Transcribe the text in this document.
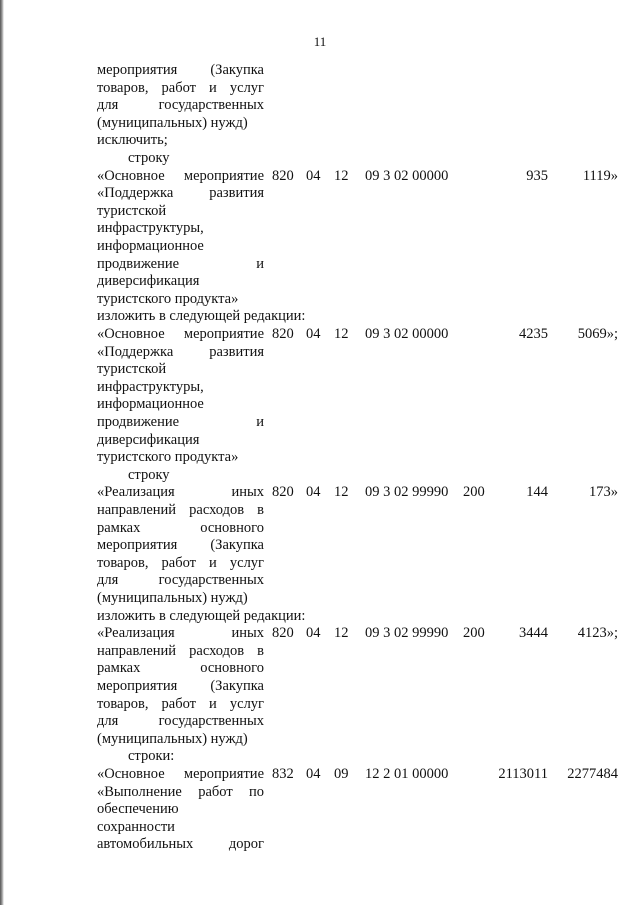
11
мероприятия (Закупка
товаров, работ и услуг
для государственных
(муниципальных) нужд)
исключить;
строку
«Основное мероприятие
«Поддержка развития
туристской
инфраструктуры,
информационное
продвижение и
диверсификация
туристского продукта»
820 04 12	09 3 02 00000	935	1119»
изложить в следующей редакции:
«Основное мероприятие
«Поддержка развития
туристской
инфраструктуры,
информационное
продвижение и
диверсификация
туристского продукта»
820 04 12	09 3 02 00000	4235	5069»;
строку
«Реализация иных
направлений расходов в
рамках основного
мероприятия (Закупка
товаров, работ и услуг
для государственных
(муниципальных) нужд)
820 04 12	09 3 02 99990	200	144	173»
изложить в следующей редакции:
«Реализация иных
направлений расходов в
рамках основного
мероприятия (Закупка
товаров, работ и услуг
для государственных
(муниципальных) нужд)
820 04 12	09 3 02 99990	200	3444	4123»;
строки:
«Основное мероприятие
«Выполнение работ по
обеспечению
сохранности
автомобильных дорог
832 04 09	12 2 01 00000	2113011	2277484
